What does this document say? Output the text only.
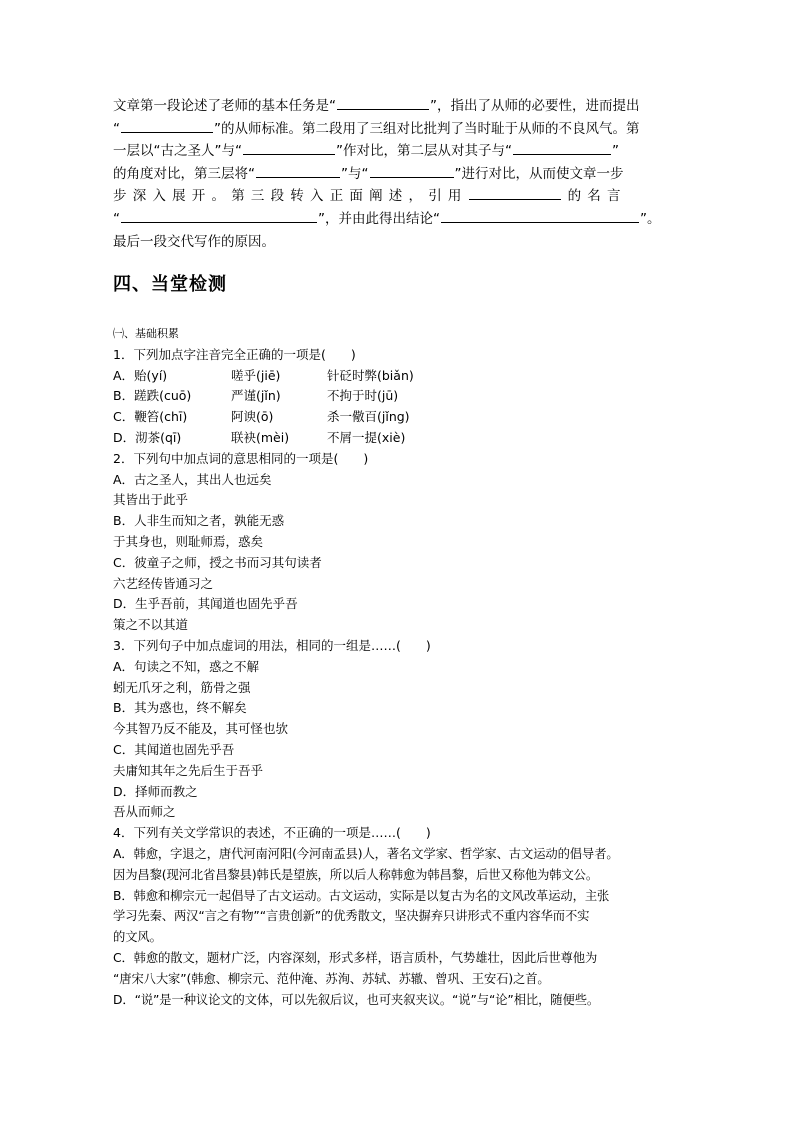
文章第一段论述了老师的基本任务是“	”，指出了从师的必要性，进而提出

“	”的从师标准。第二段用了三组对比批判了当时耻于从师的不良风气。第

一层以“古之圣人”与“	”作对比，第二层从对其子与“	”

的角度对比，第三层将“	”与“	”进行对比，从而使文章一步

步深入展开。第三段转入正面阐述，引用	的名言

“	”，并由此得出结论“	”。

最后一段交代写作的原因。

四、当堂检测
㈠、基础积累
1．下列加点字注音完全正确的一项是(　　)
A．贻(yí)	嗟乎(jiē)	针砭时弊(biǎn)
B．蹉跌(cuō)	严谨(jǐn)	不拘于时(jū)
C．鞭笞(chī)	阿谀(ō)	杀一儆百(jǐng)
D．沏茶(qī)	联袂(mèi)	不屑一提(xiè)
2．下列句中加点词的意思相同的一项是(　　)
A．古之圣人，其出人也远矣
其皆出于此乎
B．人非生而知之者，孰能无惑
于其身也，则耻师焉，惑矣
C．彼童子之师，授之书而习其句读者
六艺经传皆通习之
D．生乎吾前，其闻道也固先乎吾
策之不以其道
3．下列句子中加点虚词的用法，相同的一组是……(　　)
A．句读之不知，惑之不解
蚓无爪牙之利，筋骨之强
B．其为惑也，终不解矣
今其智乃反不能及，其可怪也欤
C．其闻道也固先乎吾
夫庸知其年之先后生于吾乎
D．择师而教之
吾从而师之
4．下列有关文学常识的表述，不正确的一项是……(　　)
A．韩愈，字退之，唐代河南河阳(今河南孟县)人，著名文学家、哲学家、古文运动的倡导者。
因为昌黎(现河北省昌黎县)韩氏是望族，所以后人称韩愈为韩昌黎，后世又称他为韩文公。
B．韩愈和柳宗元一起倡导了古文运动。古文运动，实际是以复古为名的文风改革运动，主张
学习先秦、两汉“言之有物”“言贵创新”的优秀散文，坚决摒弃只讲形式不重内容华而不实
的文风。
C．韩愈的散文，题材广泛，内容深刻，形式多样，语言质朴，气势雄壮，因此后世尊他为
“唐宋八大家”(韩愈、柳宗元、范仲淹、苏洵、苏轼、苏辙、曾巩、王安石)之首。
D．“说”是一种议论文的文体，可以先叙后议，也可夹叙夹议。“说”与“论”相比，随便些。
